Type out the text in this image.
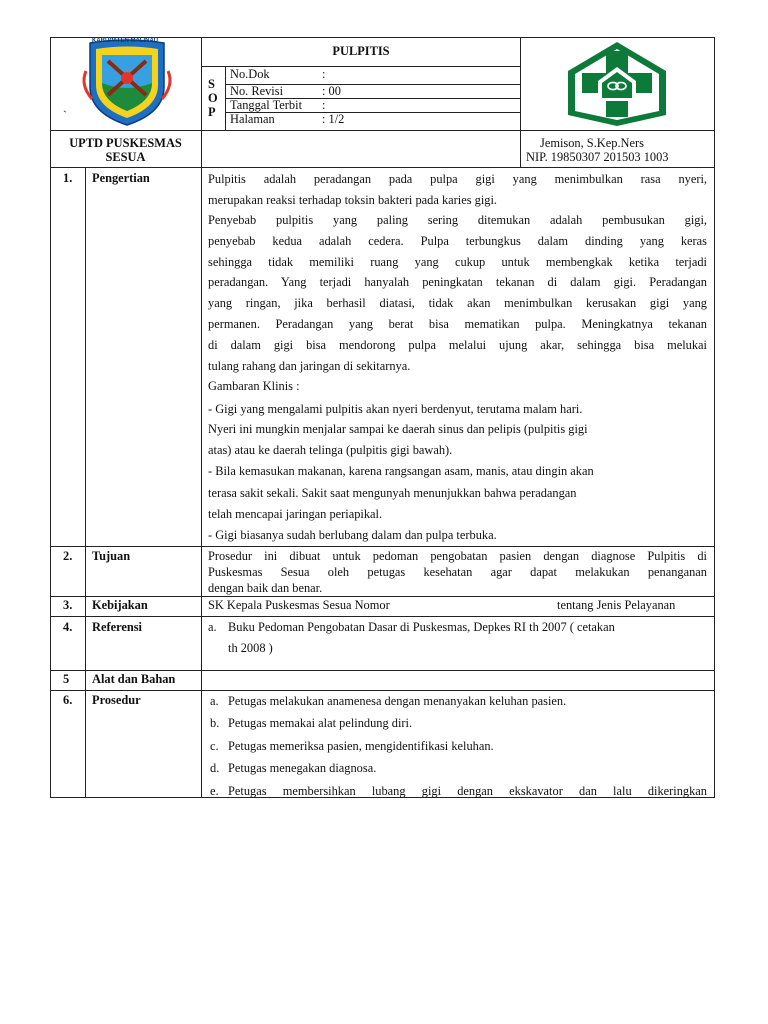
KABUPATEN MALINAU
`
PULPITIS
S
O
P
No.Dok	:
No. Revisi	: 00
Tanggal Terbit :
Halaman	: 1/2
UPTD PUSKESMAS
SESUA
Jemison, S.Kep.Ners
NIP. 19850307 201503 1003
1. Pengertian	Pulpitis adalah peradangan pada pulpa gigi yang menimbulkan rasa nyeri,
merupakan reaksi terhadap toksin bakteri pada karies gigi.
Penyebab pulpitis yang paling sering ditemukan adalah pembusukan gigi,
penyebab kedua adalah cedera. Pulpa terbungkus dalam dinding yang keras
sehingga tidak memiliki ruang yang cukup untuk membengkak ketika terjadi
peradangan. Yang terjadi hanyalah peningkatan tekanan di dalam gigi. Peradangan
yang ringan, jika berhasil diatasi, tidak akan menimbulkan kerusakan gigi yang
permanen. Peradangan yang berat bisa mematikan pulpa. Meningkatnya tekanan
di dalam gigi bisa mendorong pulpa melalui ujung akar, sehingga bisa melukai
tulang rahang dan jaringan di sekitarnya.
Gambaran Klinis :
- Gigi yang mengalami pulpitis akan nyeri berdenyut, terutama malam hari.
Nyeri ini mungkin menjalar sampai ke daerah sinus dan pelipis (pulpitis gigi
atas) atau ke daerah telinga (pulpitis gigi bawah).
- Bila kemasukan makanan, karena rangsangan asam, manis, atau dingin akan
terasa sakit sekali. Sakit saat mengunyah menunjukkan bahwa peradangan
telah mencapai jaringan periapikal.
- Gigi biasanya sudah berlubang dalam dan pulpa terbuka.
2. Tujuan	Prosedur ini dibuat untuk pedoman pengobatan pasien dengan diagnose Pulpitis di
Puskesmas Sesua oleh petugas kesehatan agar dapat melakukan penanganan
dengan baik dan benar.
3. Kebijakan	SK Kepala Puskesmas Sesua Nomor	tentang Jenis Pelayanan
4. Referensi	a. Buku Pedoman Pengobatan Dasar di Puskesmas, Depkes RI th 2007 ( cetakan
th 2008 )
5 Alat dan Bahan
6. Prosedur	a. Petugas melakukan anamenesa dengan menanyakan keluhan pasien.
b. Petugas memakai alat pelindung diri.
c. Petugas memeriksa pasien, mengidentifikasi keluhan.
d. Petugas menegakan diagnosa.
e. Petugas membersihkan lubang gigi dengan ekskavator dan lalu dikeringkan
